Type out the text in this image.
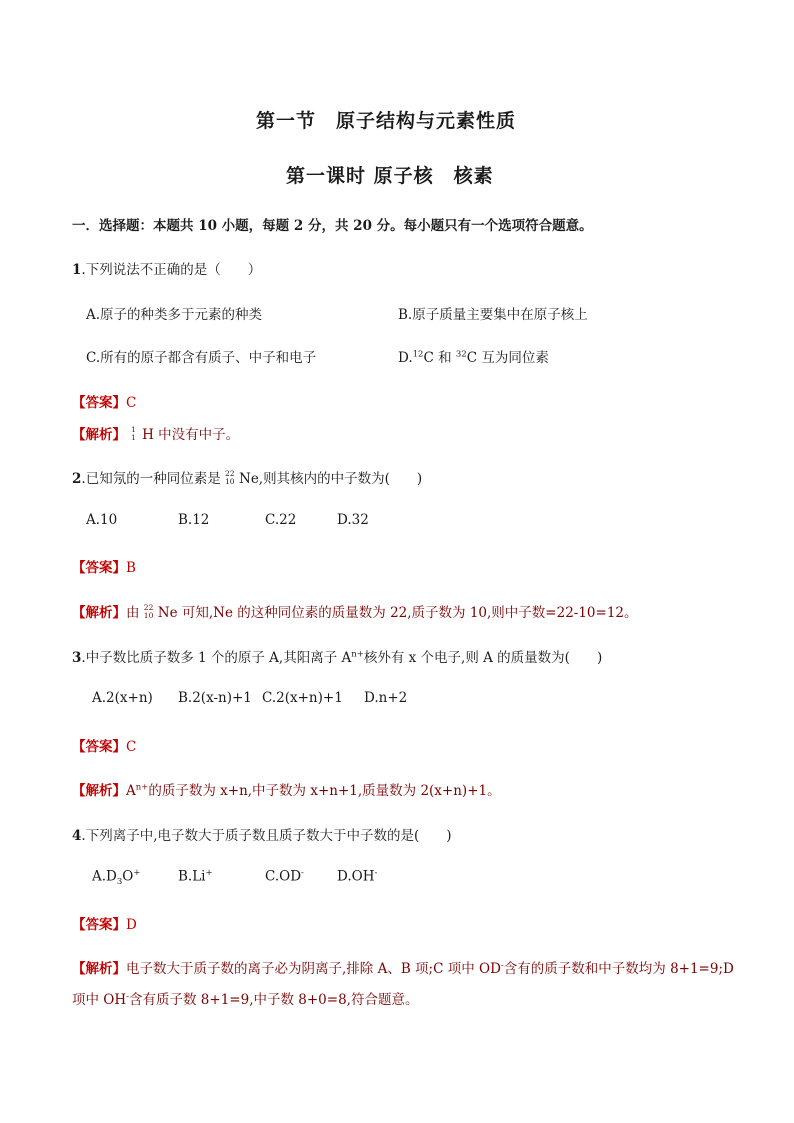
第一节　原子结构与元素性质
第一课时 原子核　核素
一．选择题：本题共 10 小题，每题 2 分，共 20 分。每小题只有一个选项符合题意。
1.下列说法不正确的是（　　）
A.原子的种类多于元素的种类	B.原子质量主要集中在原子核上
C.所有的原子都含有质子、中子和电子	D.$^{12}$C 和 $^{32}$C 互为同位素
【答案】C
【解析】 1
1 H 中没有中子。
2.已知氖的一种同位素是 22
10 Ne,则其核内的中子数为(　　)
A.10	B.12	C.22	D.32
【答案】B
【解析】由 22
10 Ne 可知,Ne 的这种同位素的质量数为 22,质子数为 10,则中子数=22-10=12。
3.中子数比质子数多 1 个的原子 A,其阳离子 $A^{n+}$核外有 x 个电子,则 A 的质量数为(　　)
A.2(x+n) B.2(x-n)+1 C.2(x+n)+1 D.n+2
【答案】C
【解析】$A^{n+}$的质子数为 x+n,中子数为 x+n+1,质量数为 2(x+n)+1。
4.下列离子中,电子数大于质子数且质子数大于中子数的是(　　)
$A.D_3O^+$	B.Li+	C.OD- D.OH-
【答案】D
【解析】电子数大于质子数的离子必为阴离子,排除 A、B 项;C 项中 OD-含有的质子数和中子数均为 8+1=9;D
项中 OH-含有质子数 8+1=9,中子数 8+0=8,符合题意。
